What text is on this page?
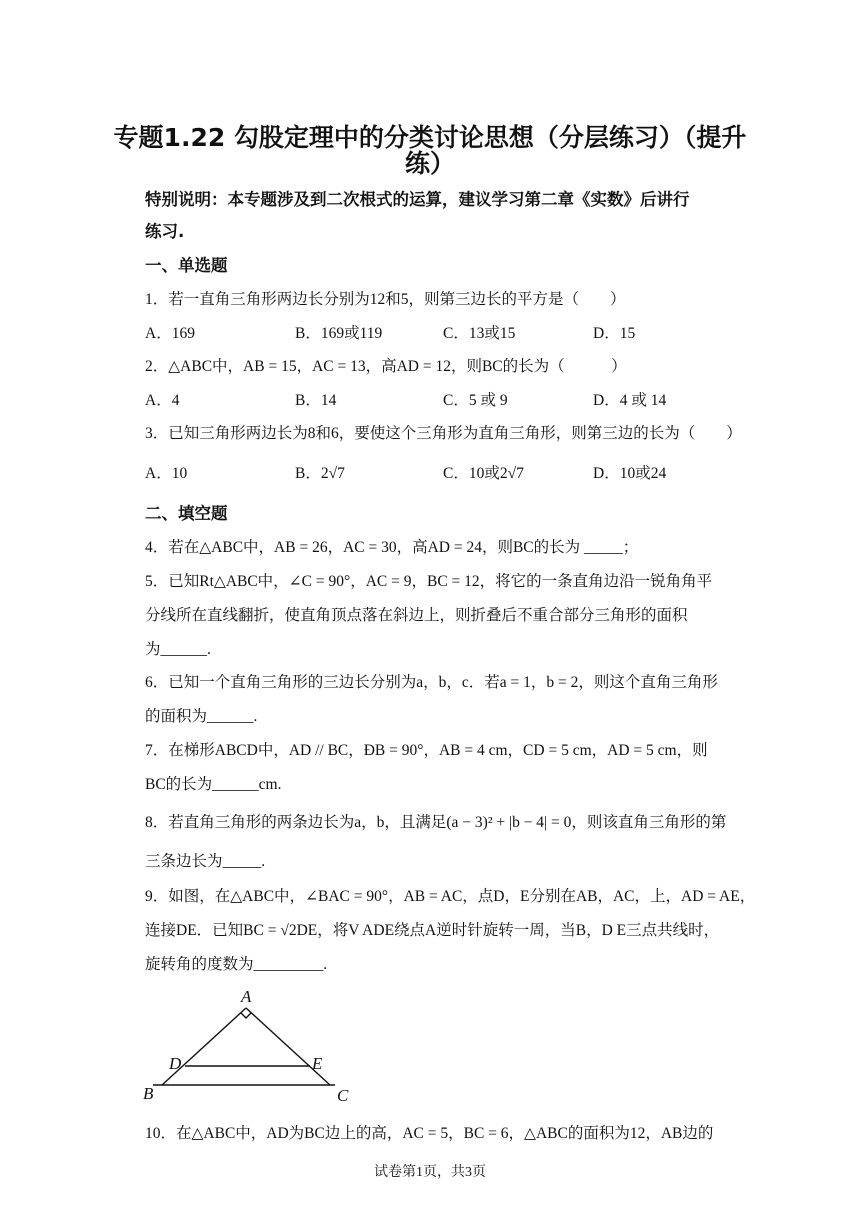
专题1.22 勾股定理中的分类讨论思想（分层练习）（提升
练）
特别说明：本专题涉及到二次根式的运算，建议学习第二章《实数》后讲行
练习.
一、单选题
1．若一直角三角形两边长分别为12和5，则第三边长的平方是（　　）
A．169	B．169或119	C．13或15	D．15
2．△ABC中，AB = 15，AC = 13，高AD = 12，则BC的长为（　　　）
A．4	B．14	C．5 或 9	D．4 或 14
3．已知三角形两边长为8和6，要使这个三角形为直角三角形，则第三边的长为（　　）
A．10	B．2√7	C．10或2√7	D．10或24
二、填空题
4．若在△ABC中，AB = 26，AC = 30，高AD = 24，则BC的长为 _____；
5．已知Rt△ABC中，∠C = 90°，AC = 9，BC = 12，将它的一条直角边沿一锐角角平
分线所在直线翻折，使直角顶点落在斜边上，则折叠后不重合部分三角形的面积
为______.
6．已知一个直角三角形的三边长分别为a，b，c．若a = 1，b = 2，则这个直角三角形
的面积为______.
7．在梯形ABCD中，AD // BC，ÐB = 90°，AB = 4 cm，CD = 5 cm，AD = 5 cm，则
BC的长为______cm.
8．若直角三角形的两条边长为a，b，且满足(a − 3)² + |b − 4| = 0，则该直角三角形的第
三条边长为_____.
9．如图，在△ABC中，∠BAC = 90°，AB = AC，点D，E分别在AB，AC，上，AD = AE，
连接DE．已知BC = √2DE，将V ADE绕点A逆时针旋转一周，当B，D E三点共线时，
旋转角的度数为_________.
A
D	E
B	C
10．在△ABC中，AD为BC边上的高，AC = 5，BC = 6，△ABC的面积为12，AB边的
试卷第1页，共3页
